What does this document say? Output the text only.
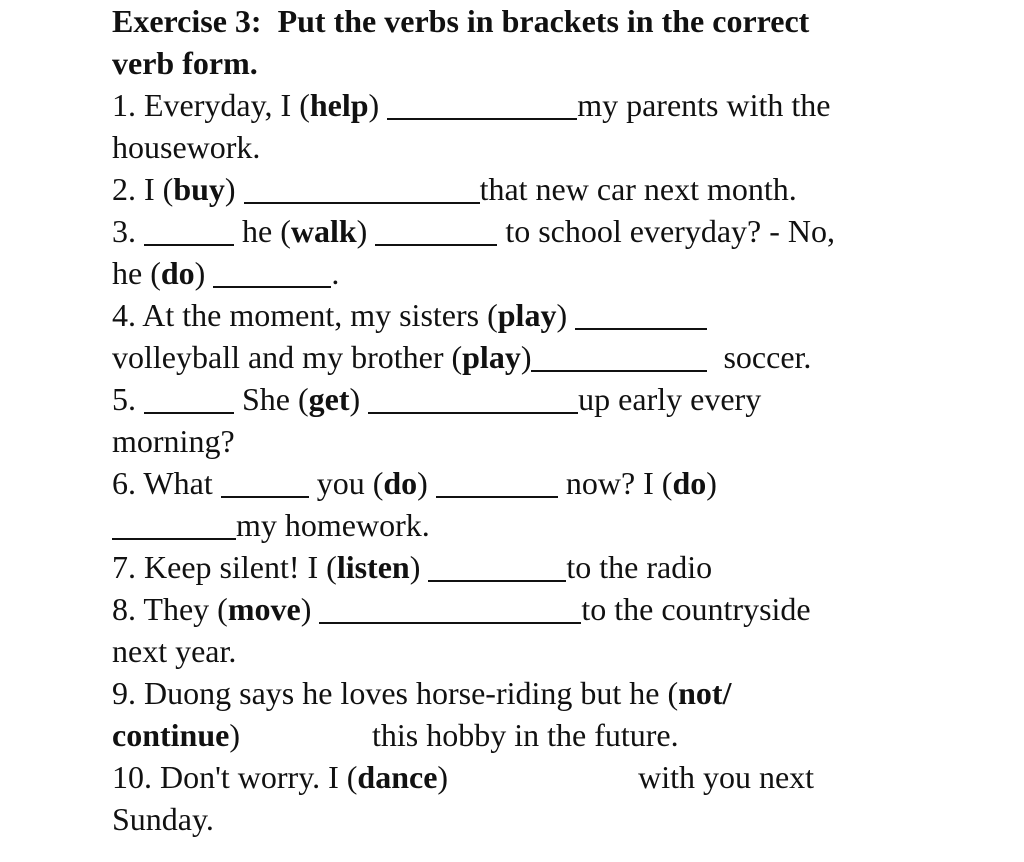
Exercise 3:  Put the verbs in brackets in the correct
verb form.
1. Everyday, I (help)	my parents with the
housework.
2. I (buy)	that new car next month.
3.	he (walk)	to school everyday? - No,
he (do)	.
4. At the moment, my sisters (play)
volleyball and my brother (play)	soccer.
5.	She (get)	up early every
morning?
6. What	you (do)	now? I (do)
my homework.
7. Keep silent! I (listen)	to the radio
8. They (move)	to the countryside
next year.
9. Duong says he loves horse-riding but he (not/
continue)	this hobby in the future.
10. Don't worry. I (dance)	with you next
Sunday.
